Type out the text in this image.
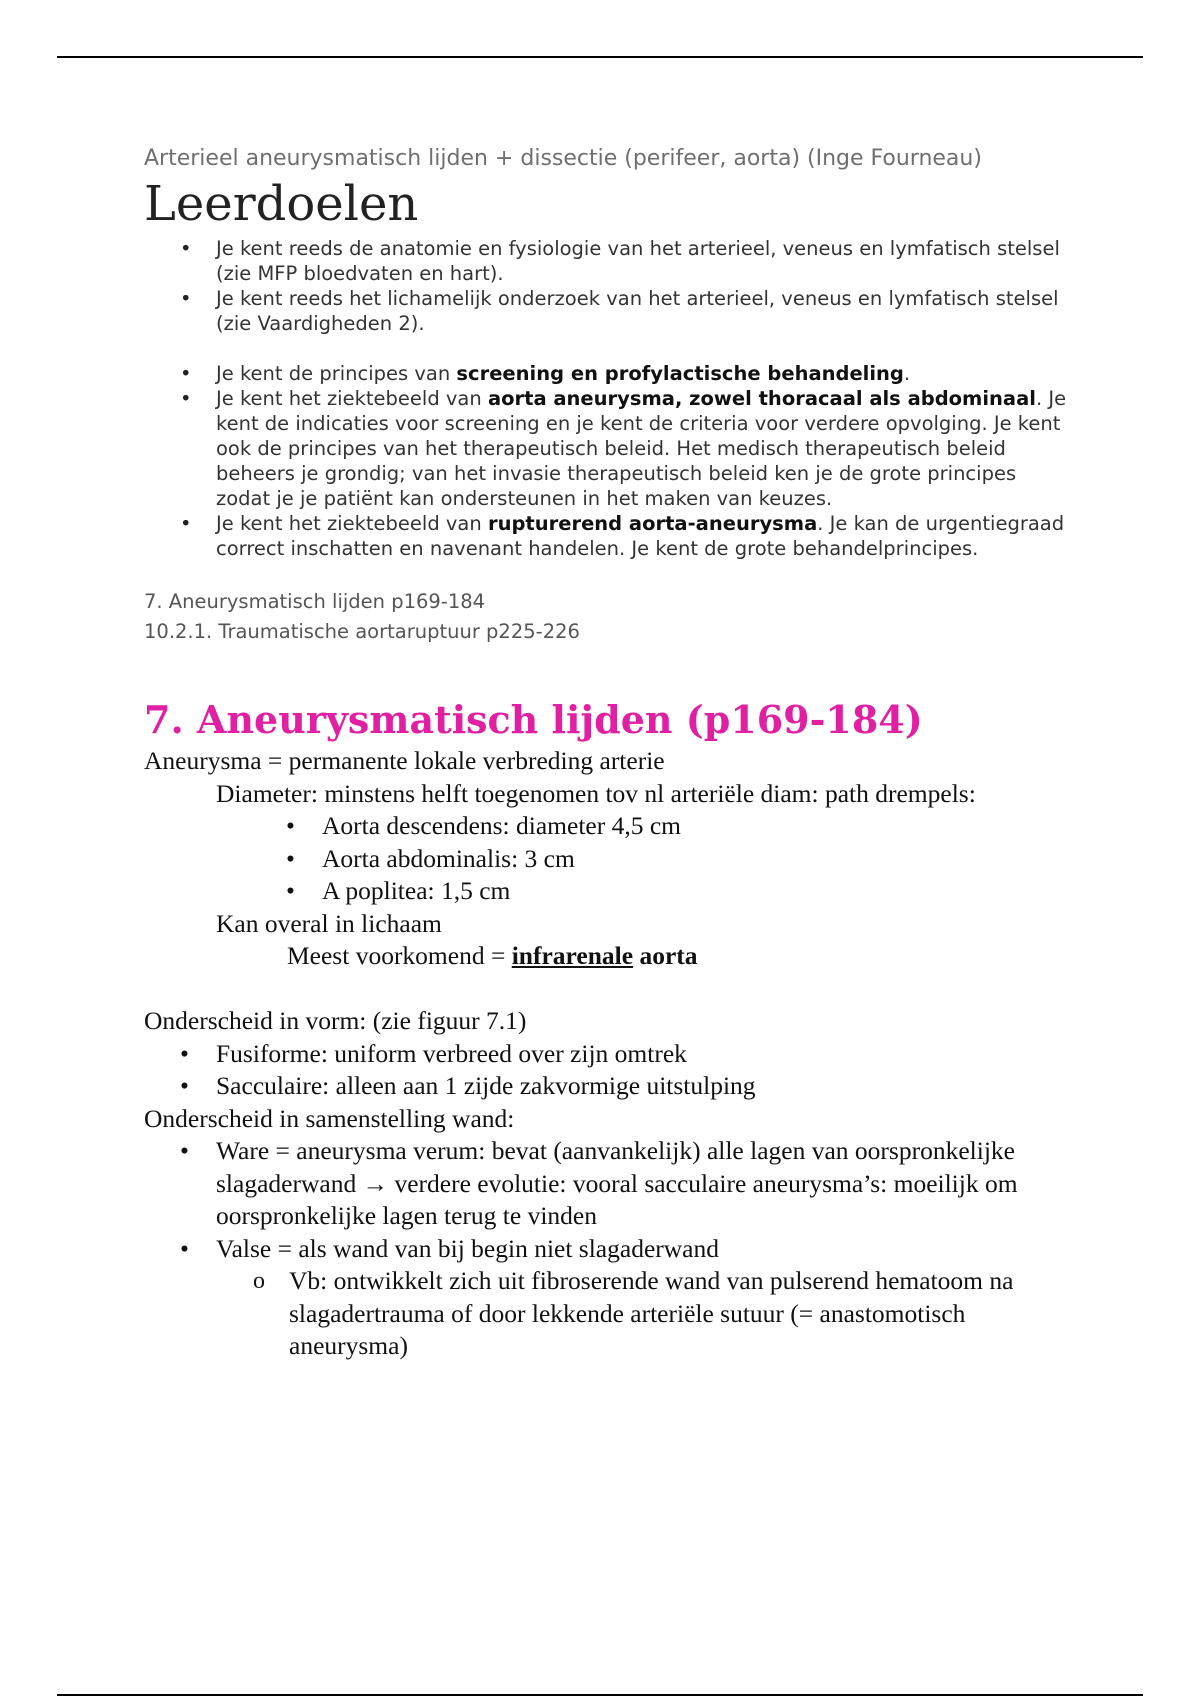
Arterieel aneurysmatisch lijden + dissectie (perifeer, aorta) (Inge Fourneau)

Leerdoelen
• Je kent reeds de anatomie en fysiologie van het arterieel, veneus en lymfatisch stelsel (zie MFP bloedvaten en hart).
• Je kent reeds het lichamelijk onderzoek van het arterieel, veneus en lymfatisch stelsel (zie Vaardigheden 2).
• Je kent de principes van screening en profylactische behandeling.
• Je kent het ziektebeeld van aorta aneurysma, zowel thoracaal als abdominaal. Je kent de indicaties voor screening en je kent de criteria voor verdere opvolging. Je kent ook de principes van het therapeutisch beleid. Het medisch therapeutisch beleid beheers je grondig; van het invasie therapeutisch beleid ken je de grote principes zodat je je patiënt kan ondersteunen in het maken van keuzes.
• Je kent het ziektebeeld van rupturerend aorta-aneurysma. Je kan de urgentiegraad correct inschatten en navenant handelen. Je kent de grote behandelprincipes.
7. Aneurysmatisch lijden p169-184
10.2.1. Traumatische aortaruptuur p225-226
7. Aneurysmatisch lijden (p169-184)

Aneurysma = permanente lokale verbreding arterie

Diameter: minstens helft toegenomen tov nl arteriële diam: path drempels:

• Aorta descendens: diameter 4,5 cm
• Aorta abdominalis: 3 cm
• A poplitea: 1,5 cm

Kan overal in lichaam

Meest voorkomend = infrarenale aorta

Onderscheid in vorm: (zie figuur 7.1)

• Fusiforme: uniform verbreed over zijn omtrek
• Sacculaire: alleen aan 1 zijde zakvormige uitstulping

Onderscheid in samenstelling wand:

• Ware = aneurysma verum: bevat (aanvankelijk) alle lagen van oorspronkelijke slagaderwand → verdere evolutie: vooral sacculaire aneurysma’s: moeilijk om oorspronkelijke lagen terug te vinden
• Valse = als wand van bij begin niet slagaderwand
o Vb: ontwikkelt zich uit fibroserende wand van pulserend hematoom na slagadertrauma of door lekkende arteriële sutuur (= anastomotisch aneurysma)
